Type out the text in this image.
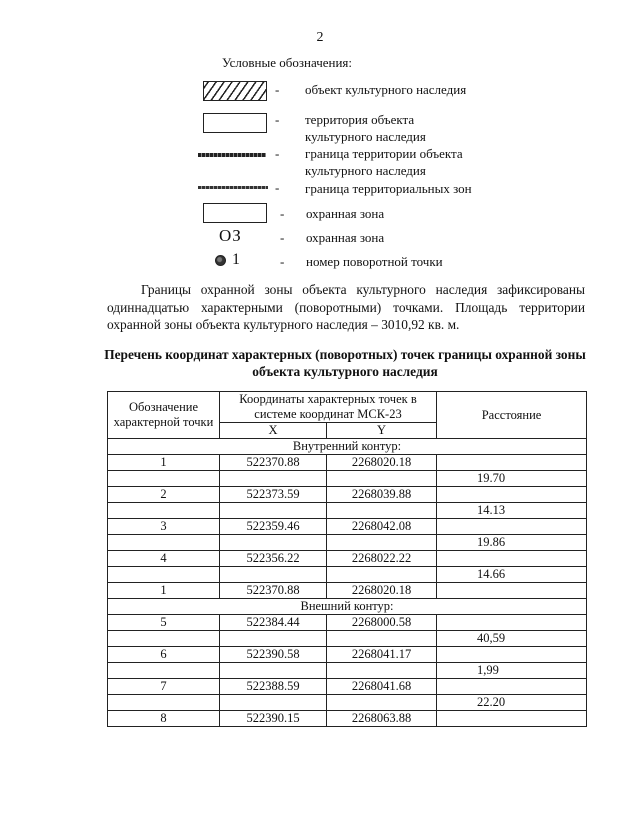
2
Условные обозначения:
- объект культурного наследия
- территория объекта
культурного наследия
- граница территории объекта
культурного наследия
- граница территориальных зон
- охранная зона
ОЗ	- охранная зона
1	- номер поворотной точки
Границы охранной зоны объекта культурного наследия зафиксированы одиннадцатью характерными (поворотными) точками. Площадь территории охранной зоны объекта культурного наследия – 3010,92 кв. м.
Перечень координат характерных (поворотных) точек границы охранной зоны объекта культурного наследия
Обозначение характерной точки	Координаты характерных точек в системе координат МСК-23		Расстояние
	X	Y	
Внутренний контур:			
1	522370.88	2268020.18	
			19.70
2	522373.59	2268039.88	
			14.13
3	522359.46	2268042.08	
			19.86
4	522356.22	2268022.22	
			14.66
1	522370.88	2268020.18	
Внешний контур:			
5	522384.44	2268000.58	
			40,59
6	522390.58	2268041.17	
			1,99
7	522388.59	2268041.68	
			22.20
8	522390.15	2268063.88	
